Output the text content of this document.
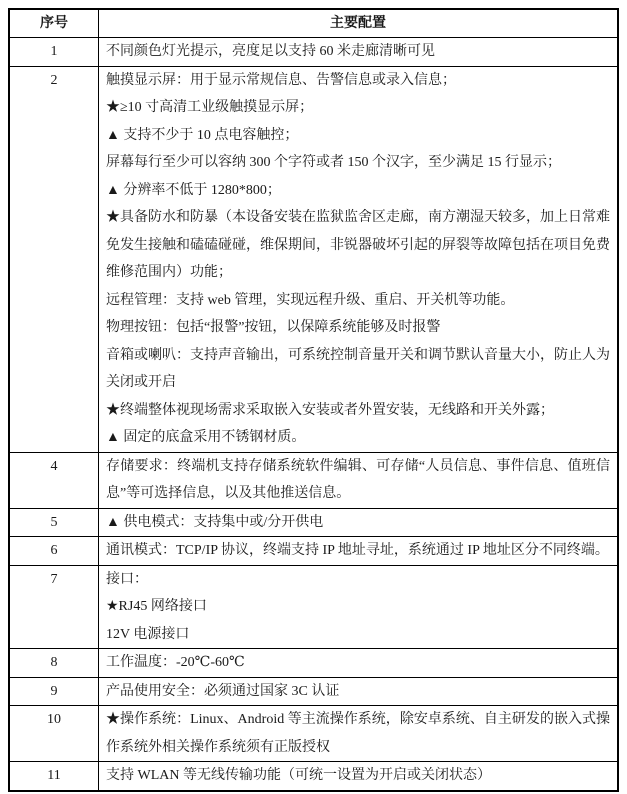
序号	主要配置
1	不同颜色灯光提示，亮度足以支持 60 米走廊清晰可见

2	触摸显示屏：用于显示常规信息、告警信息或录入信息；

★≥10 寸高清工业级触摸显示屏；

▲ 支持不少于 10 点电容触控；

屏幕每行至少可以容纳 300 个字符或者 150 个汉字，至少满足 15 行显示；

▲ 分辨率不低于 1280*800；

★具备防水和防暴（本设备安装在监狱监舍区走廊，南方潮湿天较多，加上日常难免发生接触和磕磕碰碰，维保期间，非锐器破坏引起的屏裂等故障包括在项目免费维修范围内）功能；

远程管理：支持 web 管理，实现远程升级、重启、开关机等功能。

物理按钮：包括“报警”按钮，以保障系统能够及时报警

音箱或喇叭：支持声音输出，可系统控制音量开关和调节默认音量大小，防止人为关闭或开启

★终端整体视现场需求采取嵌入安装或者外置安装，无线路和开关外露；

▲ 固定的底盒采用不锈钢材质。

4	存储要求：终端机支持存储系统软件编辑、可存储“人员信息、事件信息、值班信息”等可选择信息，以及其他推送信息。

5	▲ 供电模式：支持集中或/分开供电

6	通讯模式：TCP/IP 协议，终端支持 IP 地址寻址，系统通过 IP 地址区分不同终端。

7	接口：

★RJ45 网络接口

12V 电源接口

8	工作温度：-20℃-60℃

9	产品使用安全：必须通过国家 3C 认证

10	★操作系统：Linux、Android 等主流操作系统，除安卓系统、自主研发的嵌入式操作系统外相关操作系统须有正版授权

11	支持 WLAN 等无线传输功能（可统一设置为开启或关闭状态）
